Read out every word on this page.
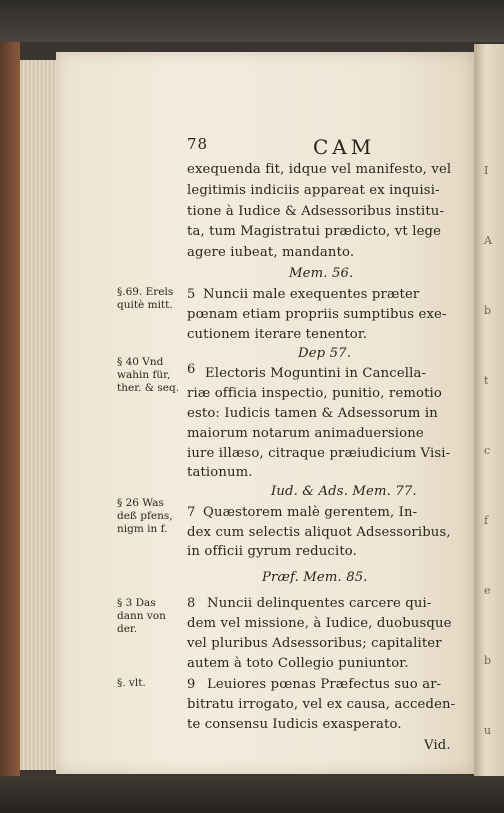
I
A
b
t
c
f
e
b
u
78	CAM
exequenda fit, idque vel manifesto, vel
legitimis indiciis appareat ex inquisi-
tione à Iudice & Adsessoribus institu-
ta, tum Magistratui prædicto, vt lege
agere iubeat, mandanto.
Mem. 56.
§.69. Erels
quitè mitt.
5 Nuncii male exequentes præter
pœnam etiam propriis sumptibus exe-
cutionem iterare tenentor.
Dep 57.
§ 40 Vnd
wahin für,
ther. & seq.
6 Electoris Moguntini in Cancella-
riæ officia inspectio, punitio, remotio
esto: Iudicis tamen & Adsessorum in
maiorum notarum animaduersione
iure illæso, citraque præiudicium Visi-
tationum.
Iud. & Ads. Mem. 77.
§ 26 Was
deß pfens,
nigm in f.
7 Quæstorem malè gerentem, In-
dex cum selectis aliquot Adsessoribus,
in officii gyrum reducito.
Præf. Mem. 85.
§ 3 Das
dann von
der.
8 Nuncii delinquentes carcere qui-
dem vel missione, à Iudice, duobusque
vel pluribus Adsessoribus; capitaliter
autem à toto Collegio puniuntor.
§. vlt.	9 Leuiores pœnas Præfectus suo ar-
bitratu irrogato, vel ex causa, acceden-
te consensu Iudicis exasperato.
Vid.
